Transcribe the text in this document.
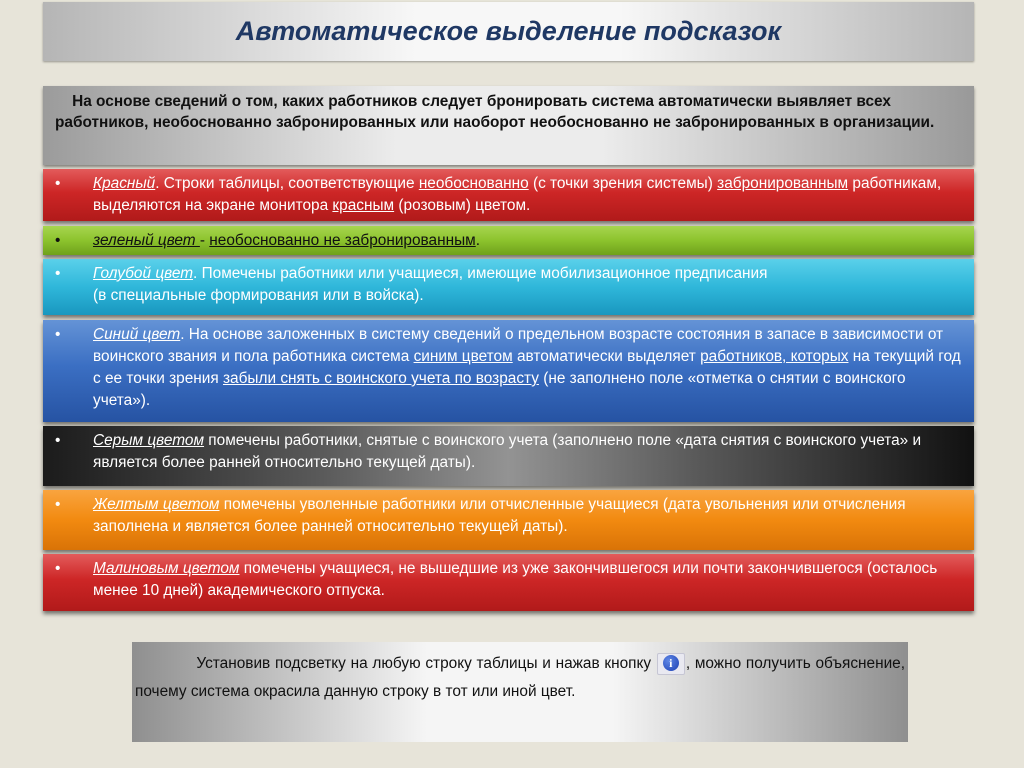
Автоматическое выделение подсказок
На основе сведений о том, каких работников следует бронировать система автоматически выявляет всех работников, необоснованно забронированных или наоборот необоснованно не забронированных в организации.
• Красный. Строки таблицы, соответствующие необоснованно (с точки зрения системы) забронированным работникам, выделяются на экране монитора красным (розовым) цветом.
• зеленый цвет - необоснованно не забронированным.
• Голубой цвет. Помечены работники или учащиеся, имеющие мобилизационное предписания
(в специальные формирования или в войска).
• Синий цвет. На основе заложенных в систему сведений о предельном возрасте состояния в запасе в зависимости от воинского звания и пола работника система синим цветом автоматически выделяет работников, которых на текущий год с ее точки зрения забыли снять с воинского учета по возрасту (не заполнено поле «отметка о снятии с воинского учета»).
• Серым цветом помечены работники, снятые с воинского учета (заполнено поле «дата снятия с воинского учета» и является более ранней относительно текущей даты).
• Желтым цветом помечены уволенные работники или отчисленные учащиеся (дата увольнения или отчисления заполнена и является более ранней относительно текущей даты).
• Малиновым цветом помечены учащиеся, не вышедшие из уже закончившегося или почти закончившегося (осталось менее 10 дней) академического отпуска.
Установив подсветку на любую строку таблицы и нажав кнопку	i , можно получить объяснение, почему система окрасила данную строку в тот или иной цвет.
